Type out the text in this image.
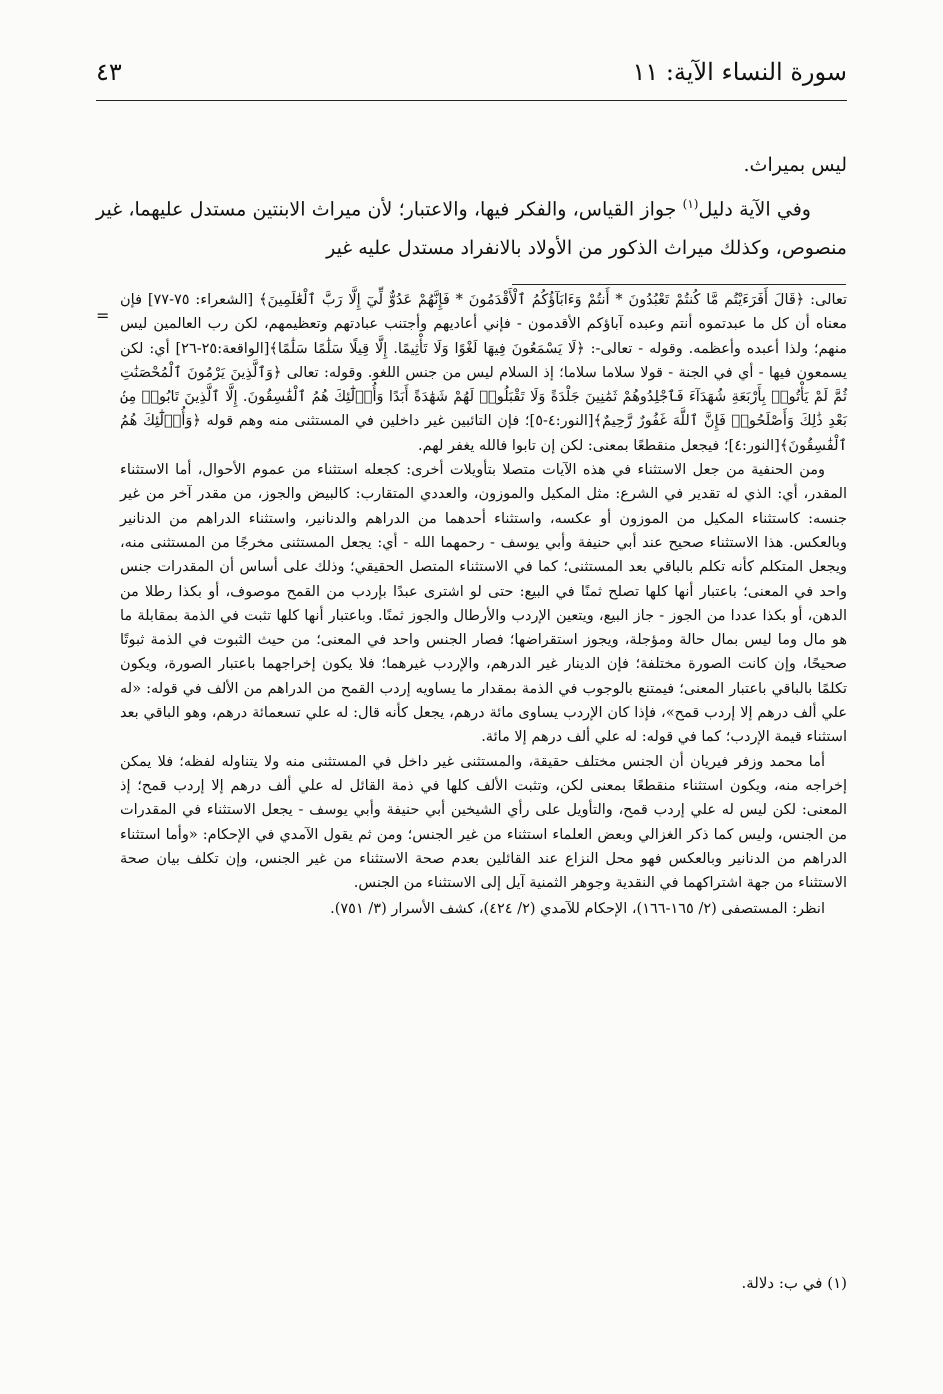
سورة النساء الآية: ١١
٤٣

ليس بميراث.

وفي الآية دليل$^{(١)}$ جواز القياس، والفكر فيها، والاعتبار؛ لأن ميراث الابنتين مستدل عليهما، غير منصوص، وكذلك ميراث الذكور من الأولاد بالانفراد مستدل عليه غير

=

تعالى: ﴿قَالَ أَفَرَءَيْتُم مَّا كُنتُمْ تَعْبُدُونَ * أَنتُمْ وَءَابَآؤُكُمُ ٱلْأَقْدَمُونَ * فَإِنَّهُمْ عَدُوٌّ لِّيٓ إِلَّا رَبَّ ٱلْعَٰلَمِينَ﴾ [الشعراء: ٧٥-٧٧] فإن معناه أن كل ما عبدتموه أنتم وعبده آباؤكم الأقدمون - فإني أعاديهم وأجتنب عبادتهم وتعظيمهم، لكن رب العالمين ليس منهم؛ ولذا أعبده وأعظمه. وقوله - تعالى-: ﴿لَا يَسْمَعُونَ فِيهَا لَغْوًا وَلَا تَأْثِيمًا. إِلَّا قِيلًا سَلَٰمًا سَلَٰمًا﴾[الواقعة:٢٥-٢٦] أي: لكن يسمعون فيها - أي في الجنة - قولا سلاما سلاما؛ إذ السلام ليس من جنس اللغو. وقوله: تعالى ﴿وَٱلَّذِينَ يَرْمُونَ ٱلْمُحْصَنَٰتِ ثُمَّ لَمْ يَأْتُوا۟ بِأَرْبَعَةِ شُهَدَآءَ فَٱجْلِدُوهُمْ ثَمَٰنِينَ جَلْدَةً وَلَا تَقْبَلُوا۟ لَهُمْ شَهَٰدَةً أَبَدًا وَأُو۟لَٰٓئِكَ هُمُ ٱلْفَٰسِقُونَ. إِلَّا ٱلَّذِينَ تَابُوا۟ مِنۢ بَعْدِ ذَٰلِكَ وَأَصْلَحُوا۟ فَإِنَّ ٱللَّهَ غَفُورٌ رَّحِيمٌ﴾[النور:٤-٥]؛ فإن التائبين غير داخلين في المستثنى منه وهم قوله ﴿وَأُو۟لَٰٓئِكَ هُمُ ٱلْفَٰسِقُونَ﴾[النور:٤]؛ فيجعل منقطعًا بمعنى: لكن إن تابوا فالله يغفر لهم.

ومن الحنفية من جعل الاستثناء في هذه الآيات متصلا بتأويلات أخرى: كجعله استثناء من عموم الأحوال، أما الاستثناء المقدر، أي: الذي له تقدير في الشرع: مثل المكيل والموزون، والعددي المتقارب: كالبيض والجوز، من مقدر آخر من غير جنسه: كاستثناء المكيل من الموزون أو عكسه، واستثناء أحدهما من الدراهم والدنانير، واستثناء الدراهم من الدنانير وبالعكس. هذا الاستثناء صحيح عند أبي حنيفة وأبي يوسف - رحمهما الله - أي: يجعل المستثنى مخرجًا من المستثنى منه، ويجعل المتكلم كأنه تكلم بالباقي بعد المستثنى؛ كما في الاستثناء المتصل الحقيقي؛ وذلك على أساس أن المقدرات جنس واحد في المعنى؛ باعتبار أنها كلها تصلح ثمنًا في البيع: حتى لو اشترى عبدًا بإردب من القمح موصوف، أو بكذا رطلا من الدهن، أو بكذا عددا من الجوز - جاز البيع، ويتعين الإردب والأرطال والجوز ثمنًا. وباعتبار أنها كلها تثبت في الذمة بمقابلة ما هو مال وما ليس بمال حالة ومؤجلة، ويجوز استقراضها؛ فصار الجنس واحد في المعنى؛ من حيث الثبوت في الذمة ثبوتًا صحيحًا، وإن كانت الصورة مختلفة؛ فإن الدينار غير الدرهم، والإردب غيرهما؛ فلا يكون إخراجهما باعتبار الصورة، ويكون تكلمًا بالباقي باعتبار المعنى؛ فيمتنع بالوجوب في الذمة بمقدار ما يساويه إردب القمح من الدراهم من الألف في قوله: «له علي ألف درهم إلا إردب قمح»، فإذا كان الإردب يساوى مائة درهم، يجعل كأنه قال: له علي تسعمائة درهم، وهو الباقي بعد استثناء قيمة الإردب؛ كما في قوله: له علي ألف درهم إلا مائة.

أما محمد وزفر فيريان أن الجنس مختلف حقيقة، والمستثنى غير داخل في المستثنى منه ولا يتناوله لفظه؛ فلا يمكن إخراجه منه، ويكون استثناء منقطعًا بمعنى لكن، وتثبت الألف كلها في ذمة القائل له علي ألف درهم إلا إردب قمح؛ إذ المعنى: لكن ليس له علي إردب قمح، والتأويل على رأي الشيخين أبي حنيفة وأبي يوسف - يجعل الاستثناء في المقدرات من الجنس، وليس كما ذكر الغزالي وبعض العلماء استثناء من غير الجنس؛ ومن ثم يقول الآمدي في الإحكام: «وأما استثناء الدراهم من الدنانير وبالعكس فهو محل النزاع عند القائلين بعدم صحة الاستثناء من غير الجنس، وإن تكلف بيان صحة الاستثناء من جهة اشتراكهما في النقدية وجوهر الثمنية آيل إلى الاستثناء من الجنس.

انظر: المستصفى (٢/ ١٦٥-١٦٦)، الإحكام للآمدي (٢/ ٤٢٤)، كشف الأسرار (٣/ ٧٥١).

(١) في ب: دلالة.
